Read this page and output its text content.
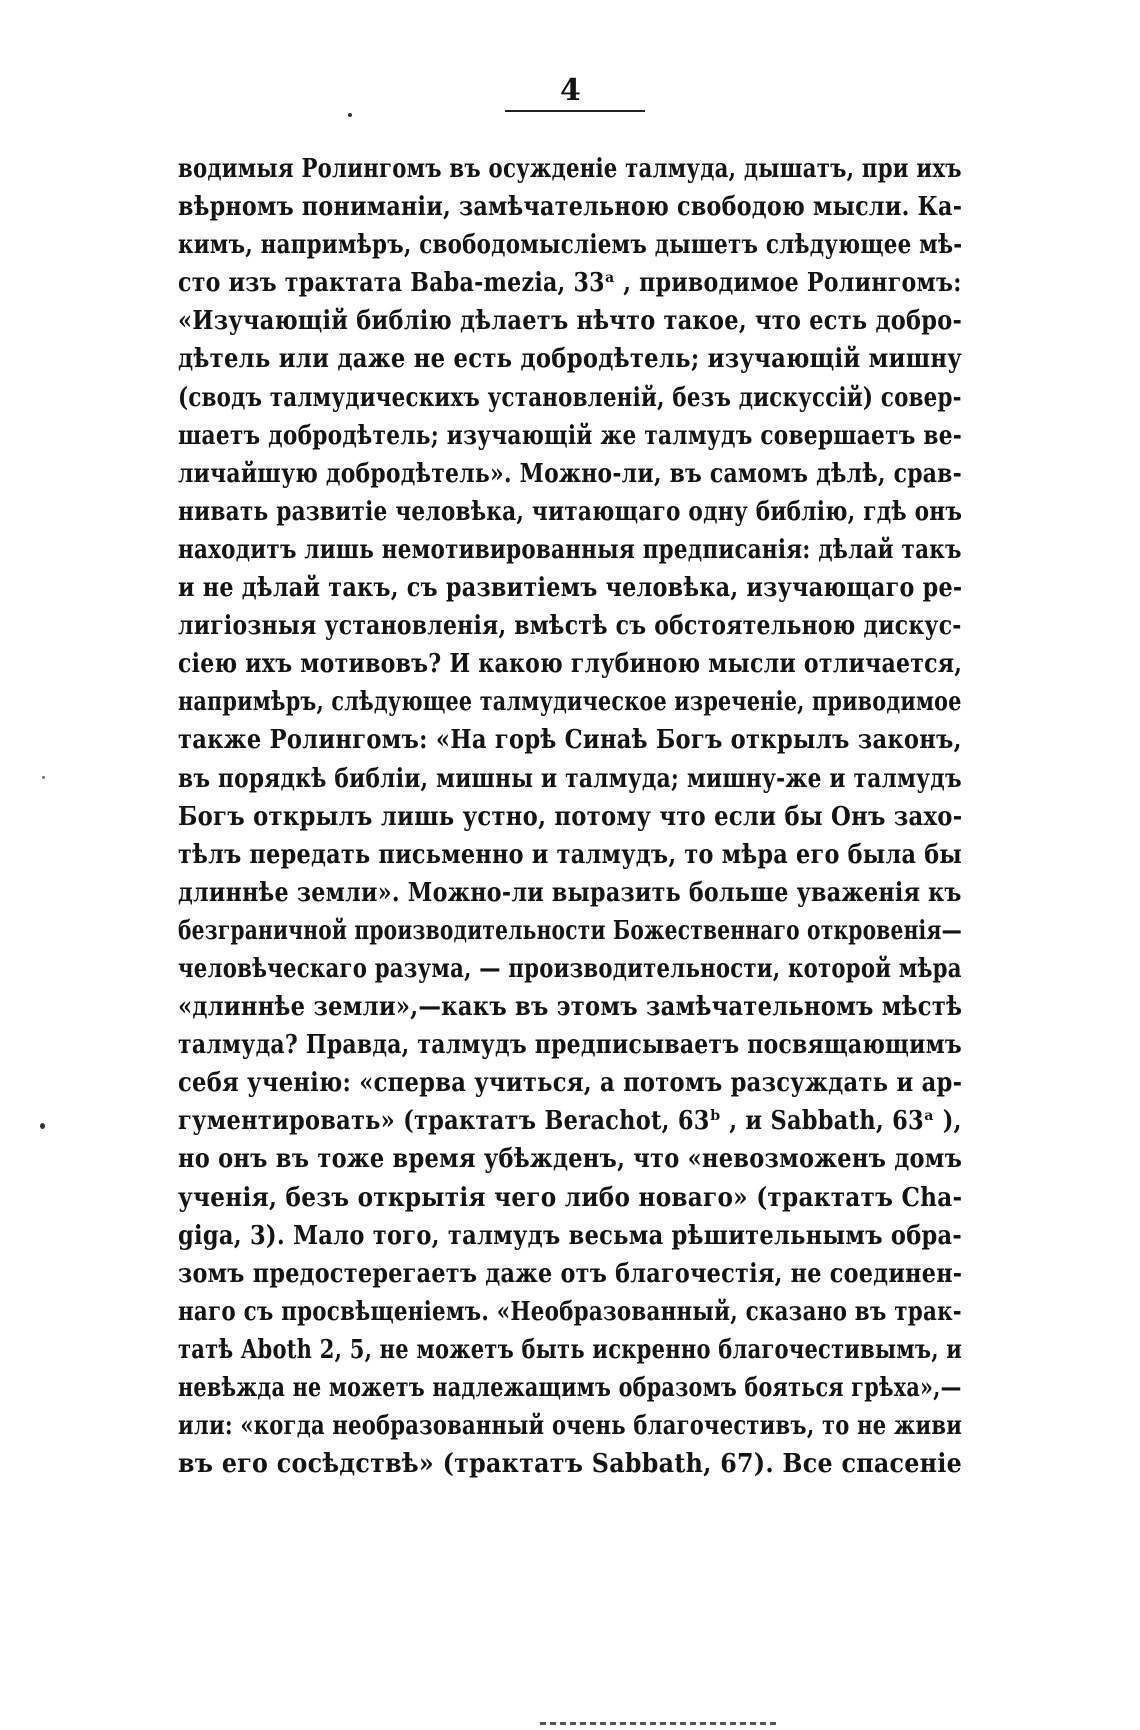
4
водимыя Ролингомъ въ осужденіе талмуда, дышатъ, при ихъ
вѣрномъ пониманіи, замѣчательною свободою мысли. Ка-
кимъ, напримѣръ, свободомысліемъ дышетъ слѣдующее мѣ-
сто изъ трактата Baba-mezia, 33ᵃ , приводимое Ролингомъ:
«Изучающій библію дѣлаетъ нѣчто такое, что есть добро-
дѣтель или даже не есть добродѣтель; изучающій мишну
(сводъ талмудическихъ установленій, безъ дискуссій) совер-
шаетъ добродѣтель; изучающій же талмудъ совершаетъ ве-
личайшую добродѣтель». Можно-ли, въ самомъ дѣлѣ, срав-
нивать развитіе человѣка, читающаго одну библію, гдѣ онъ
находитъ лишь немотивированныя предписанія: дѣлай такъ
и не дѣлай такъ, съ развитіемъ человѣка, изучающаго ре-
лигіозныя установленія, вмѣстѣ съ обстоятельною дискус-
сіею ихъ мотивовъ? И какою глубиною мысли отличается,
напримѣръ, слѣдующее талмудическое изреченіе, приводимое
также Ролингомъ: «На горѣ Синаѣ Богъ открылъ законъ,
въ порядкѣ библіи, мишны и талмуда; мишну-же и талмудъ
Богъ открылъ лишь устно, потому что если бы Онъ захо-
тѣлъ передать письменно и талмудъ, то мѣра его была бы
длиннѣе земли». Можно-ли выразить больше уваженія къ
безграничной производительности Божественнаго откровенія—
человѣческаго разума, — производительности, которой мѣра
«длиннѣе земли»,—какъ въ этомъ замѣчательномъ мѣстѣ
талмуда? Правда, талмудъ предписываетъ посвящающимъ
себя ученію: «сперва учиться, а потомъ разсуждать и ар-
гументировать» (трактатъ Berachot, 63ᵇ , и Sabbath, 63ᵃ ),
но онъ въ тоже время убѣжденъ, что «невозможенъ домъ
ученія, безъ открытія чего либо новаго» (трактатъ Cha-
giga, 3). Мало того, талмудъ весьма рѣшительнымъ обра-
зомъ предостерегаетъ даже отъ благочестія, не соединен-
наго съ просвѣщеніемъ. «Необразованный, сказано въ трак-
татѣ Aboth 2, 5, не можетъ быть искренно благочестивымъ, и
невѣжда не можетъ надлежащимъ образомъ бояться грѣха»,—
или: «когда необразованный очень благочестивъ, то не живи
въ его сосѣдствѣ» (трактатъ Sabbath, 67). Все спасеніе
